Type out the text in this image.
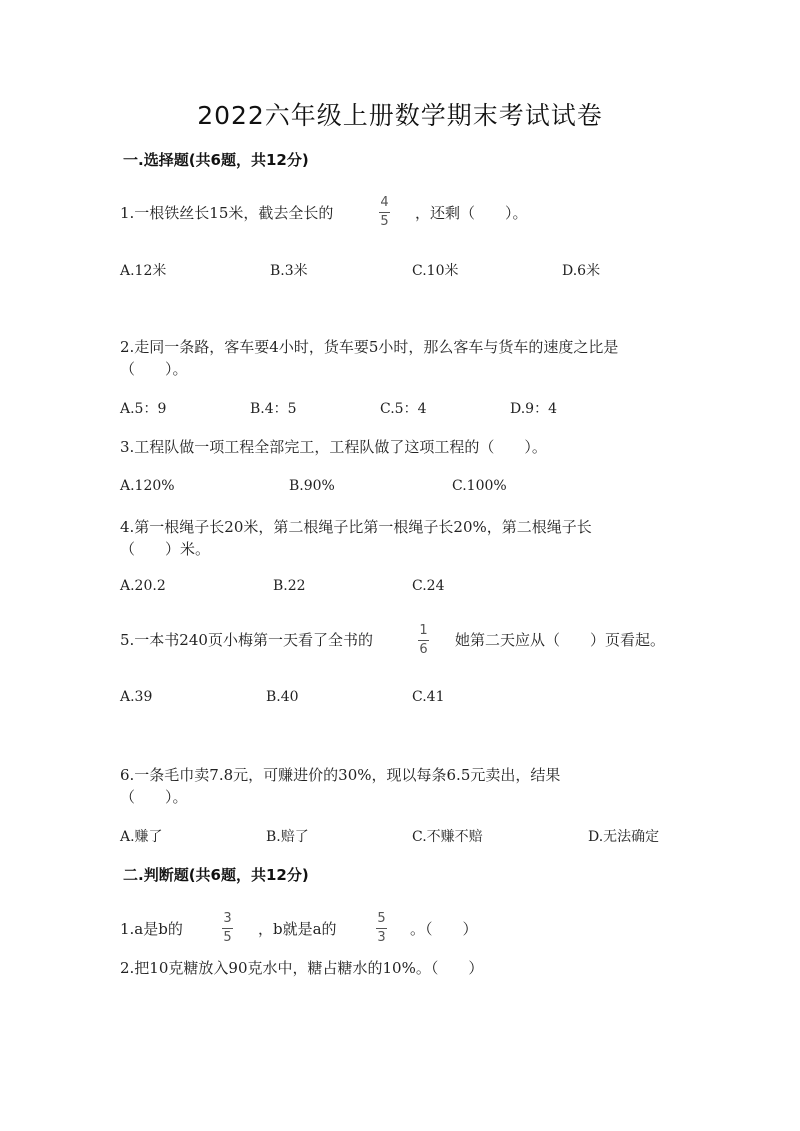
2022六年级上册数学期末考试试卷
一.选择题(共6题，共12分)
1.一根铁丝长15米，截去全长的
4
5 ，还剩（　　）。
A.12米	B.3米	C.10米	D.6米
2.走同一条路，客车要4小时，货车要5小时，那么客车与货车的速度之比是
（　　）。
A.5：9	B.4：5	C.5：4	D.9：4
3.工程队做一项工程全部完工，工程队做了这项工程的（　　）。
A.120%	B.90%	C.100%
4.第一根绳子长20米，第二根绳子比第一根绳子长20%，第二根绳子长
（　　）米。
A.20.2	B.22	C.24
5.一本书240页小梅第一天看了全书的
1
6
她第二天应从（　　）页看起。
A.39	B.40	C.41
6.一条毛巾卖7.8元，可赚进价的30%，现以每条6.5元卖出，结果
（　　）。
A.赚了	B.赔了	C.不赚不赔	D.无法确定
二.判断题(共6题，共12分)
1.a是b的
3
5 ，b就是a的
5
3 。（　　）
2.把10克糖放入90克水中，糖占糖水的10%。（　　）
